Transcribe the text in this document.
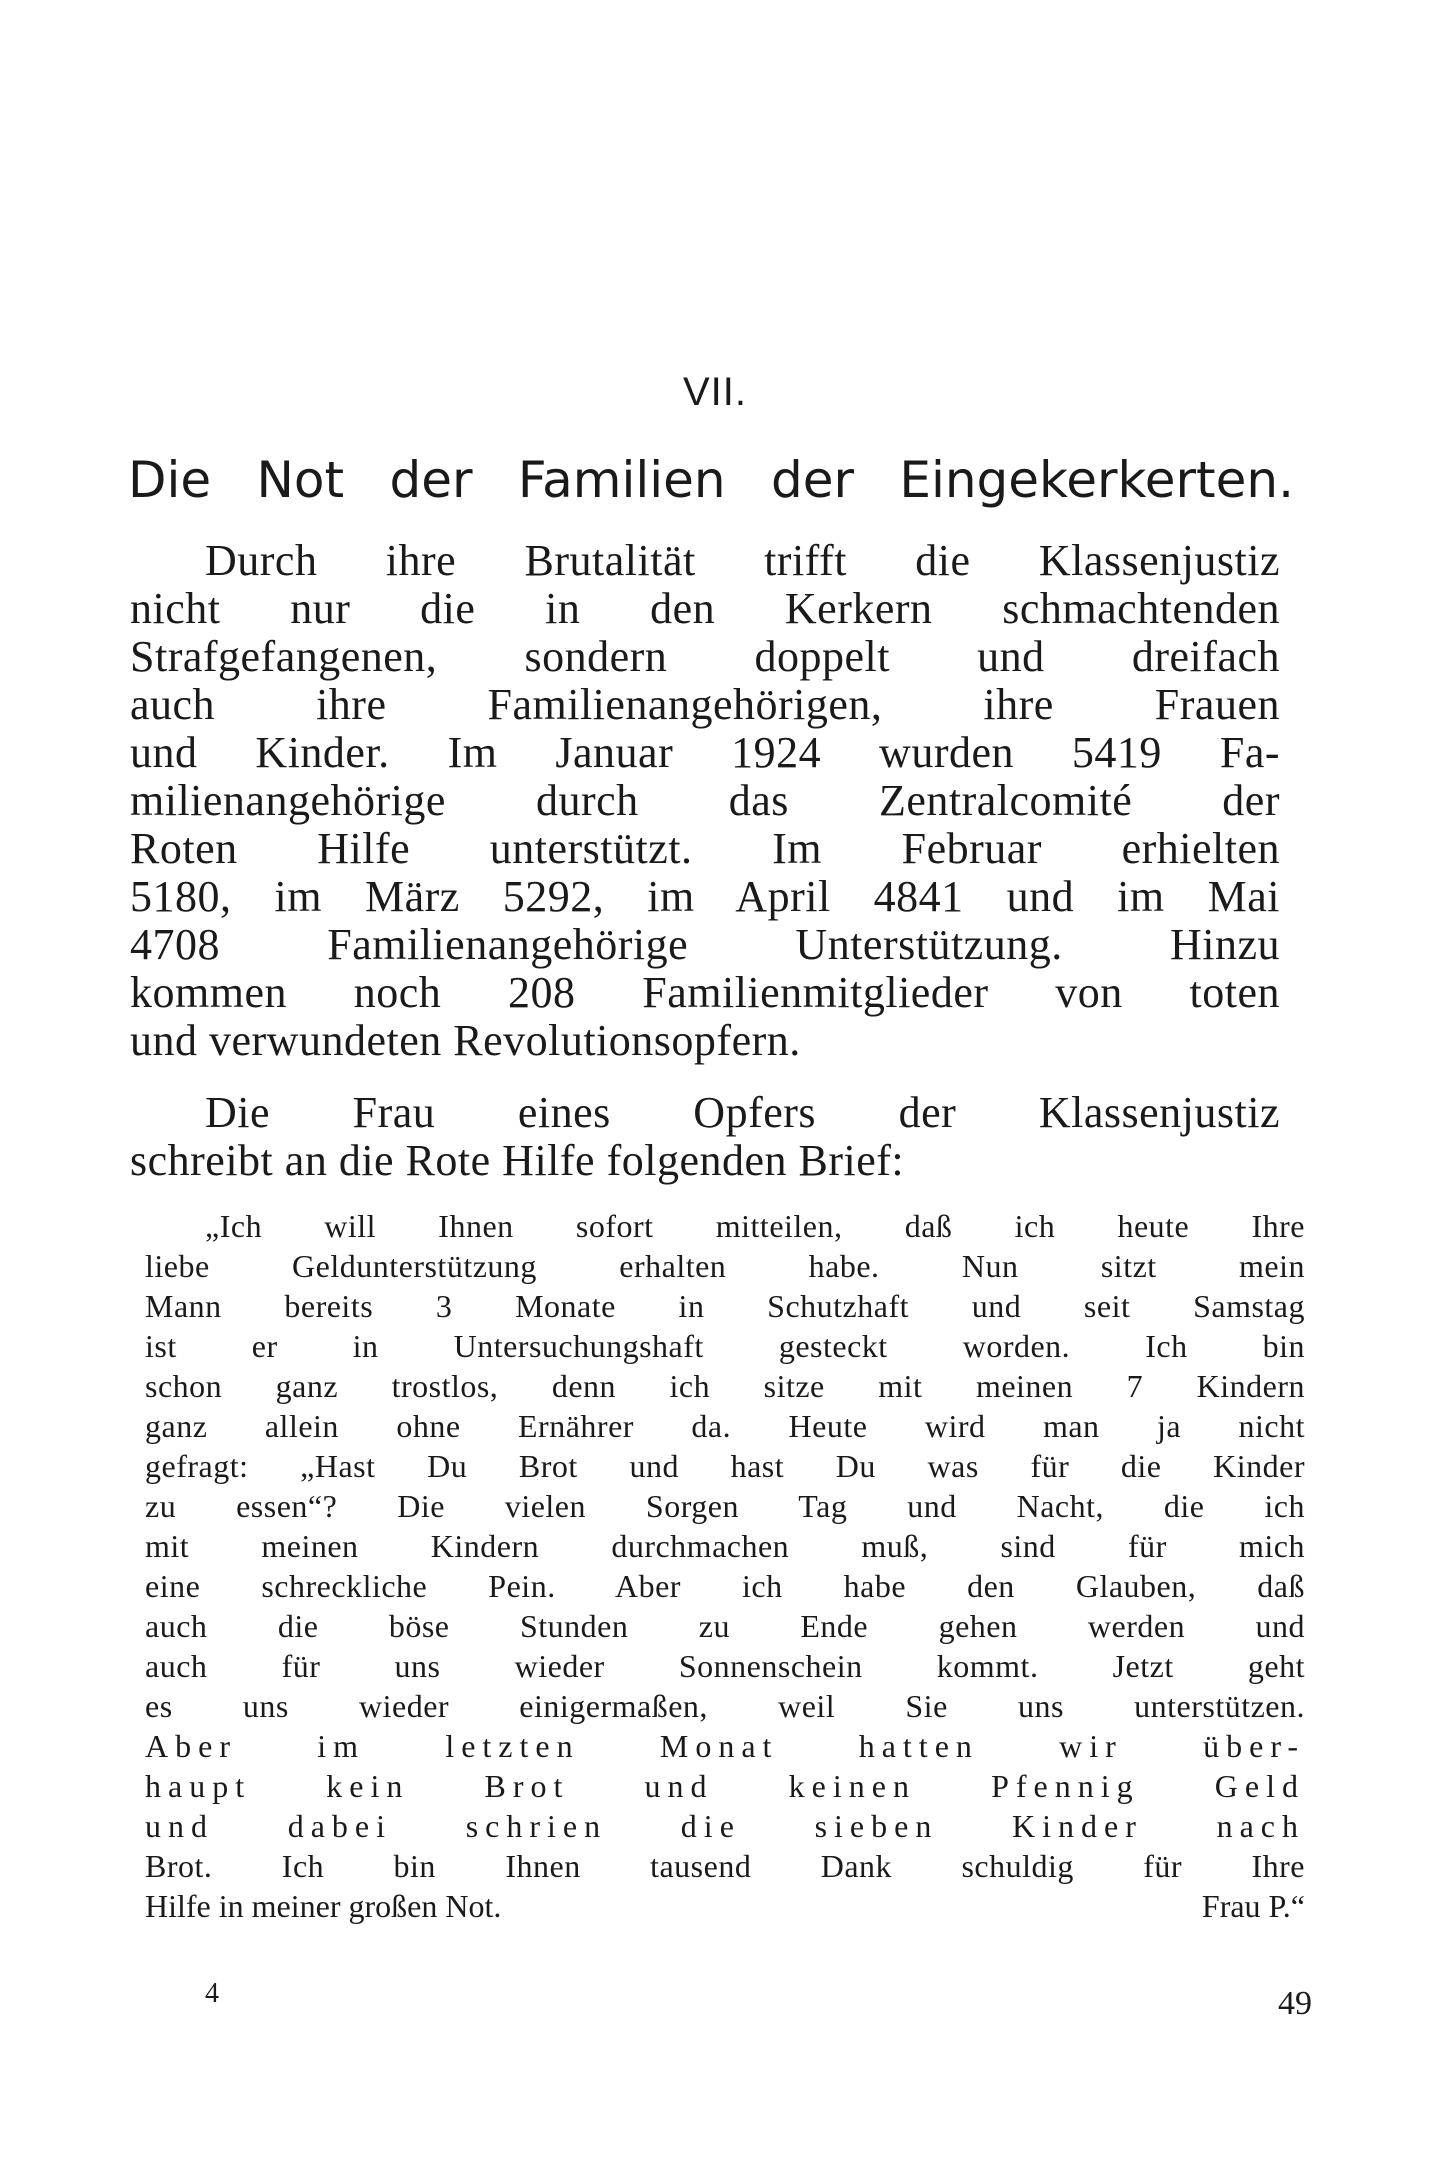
VII.
Die Not der Familien der Eingekerkerten.
Durch ihre Brutalität trifft die Klassenjustiz
nicht nur die in den Kerkern schmachtenden
Strafgefangenen, sondern doppelt und dreifach
auch ihre Familienangehörigen, ihre Frauen
und Kinder. Im Januar 1924 wurden 5419 Fa-
milienangehörige durch das Zentralcomité der
Roten Hilfe unterstützt. Im Februar erhielten
5180, im März 5292, im April 4841 und im Mai
4708 Familienangehörige Unterstützung. Hinzu
kommen noch 208 Familienmitglieder von toten
und verwundeten Revolutionsopfern.
Die Frau eines Opfers der Klassenjustiz
schreibt an die Rote Hilfe folgenden Brief:
„Ich will Ihnen sofort mitteilen, daß ich heute Ihre
liebe Geldunterstützung erhalten habe. Nun sitzt mein
Mann bereits 3 Monate in Schutzhaft und seit Samstag
ist er in Untersuchungshaft gesteckt worden. Ich bin
schon ganz trostlos, denn ich sitze mit meinen 7 Kindern
ganz allein ohne Ernährer da. Heute wird man ja nicht
gefragt: „Hast Du Brot und hast Du was für die Kinder
zu essen“? Die vielen Sorgen Tag und Nacht, die ich
mit meinen Kindern durchmachen muß, sind für mich
eine schreckliche Pein. Aber ich habe den Glauben, daß
auch die böse Stunden zu Ende gehen werden und
auch für uns wieder Sonnenschein kommt. Jetzt geht
es uns wieder einigermaßen, weil Sie uns unterstützen.
Aber im letzten Monat hatten wir über-
haupt kein Brot und keinen Pfennig Geld
und dabei schrien die sieben Kinder nach
Brot. Ich bin Ihnen tausend Dank schuldig für Ihre
Hilfe in meiner großen Not.	Frau P.“
4	49
